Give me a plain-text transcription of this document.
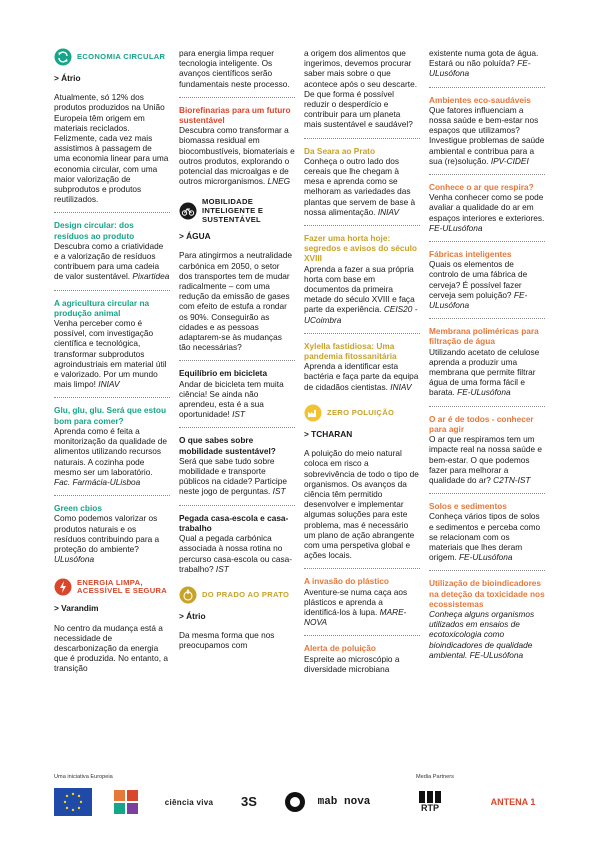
ECONOMIA CIRCULAR

> Átrio

Atualmente, só 12% dos produtos produzidos na União Europeia têm origem em materiais reciclados. Felizmente, cada vez mais assistimos à passagem de uma economia linear para uma economia circular, com uma maior valorização de subprodutos e produtos reutilizados.

Design circular: dos resíduos ao produto

Descubra como a criatividade e a valorização de resíduos contribuem para uma cadeia de valor sustentável. Pixartidea

A agricultura circular na produção animal

Venha perceber como é possível, com investigação científica e tecnológica, transformar subprodutos agroindustriais em material útil e valorizado. Por um mundo mais limpo! INIAV

Glu, glu, glu. Será que estou bom para comer?

Aprenda como é feita a monitorização da qualidade de alimentos utilizando recursos naturais. A cozinha pode mesmo ser um laboratório. Fac. Farmácia-ULisboa

Green cbios

Como podemos valorizar os produtos naturais e os resíduos contribuindo para a proteção do ambiente? ULusófona

ENERGIA LIMPA, ACESSÍVEL E SEGURA

> Varandim

No centro da mudança está a necessidade de descarbonização da energia que é produzida. No entanto, a transição

para energia limpa requer tecnologia inteligente. Os avanços científicos serão fundamentais neste processo.

Biorefinarias para um futuro sustentável

Descubra como transformar a biomassa residual em biocombustíveis, biomateriais e outros produtos, explorando o potencial das microalgas e de outros microrganismos. LNEG

MOBILIDADE INTELIGENTE E SUSTENTÁVEL

> ÁGUA

Para atingirmos a neutralidade carbónica em 2050, o setor dos transportes tem de mudar radicalmente – com uma redução da emissão de gases com efeito de estufa a rondar os 90%. Conseguirão as cidades e as pessoas adaptarem-se às mudanças tão necessárias?

Equilíbrio em bicicleta

Andar de bicicleta tem muita ciência! Se ainda não aprendeu, esta é a sua oportunidade! IST

O que sabes sobre mobilidade sustentável?

Será que sabe tudo sobre mobilidade e transporte públicos na cidade? Participe neste jogo de perguntas. IST

Pegada casa-escola e casa-trabalho

Qual a pegada carbónica associada à nossa rotina no percurso casa-escola ou casa-trabalho? IST

DO PRADO AO PRATO

> Átrio

Da mesma forma que nos preocupamos com

a origem dos alimentos que ingerimos, devemos procurar saber mais sobre o que acontece após o seu descarte. De que forma é possível reduzir o desperdício e contribuir para um planeta mais sustentável e saudável?

Da Seara ao Prato

Conheça o outro lado dos cereais que lhe chegam à mesa e aprenda como se melhoram as variedades das plantas que servem de base à nossa alimentação. INIAV

Fazer uma horta hoje: segredos e avisos do século XVIII

Aprenda a fazer a sua própria horta com base em documentos da primeira metade do século XVIII e faça parte da experiência. CEIS20 -UCoimbra

Xylella fastidiosa: Uma pandemia fitossanitária

Aprenda a identificar esta bactéria e faça parte da equipa de cidadãos cientistas. INIAV

ZERO POLUIÇÃO

> TCHARAN

A poluição do meio natural coloca em risco a sobrevivência de todo o tipo de organismos. Os avanços da ciência têm permitido desenvolver e implementar algumas soluções para este problema, mas é necessário um plano de ação abrangente com uma perspetiva global e ações locais.

A invasão do plástico

Aventure-se numa caça aos plásticos e aprenda a identificá-los à lupa. MARE-NOVA

Alerta de poluição

Espreite ao microscópio a diversidade microbiana

existente numa gota de água. Estará ou não poluída? FE-ULusófona

Ambientes eco-saudáveis

Que fatores influenciam a nossa saúde e bem-estar nos espaços que utilizamos? Investigue problemas de saúde ambiental e contribua para a sua (re)solução. IPV-CIDEI

Conhece o ar que respira?

Venha conhecer como se pode avaliar a qualidade do ar em espaços interiores e exteriores. FE-ULusófona

Fábricas inteligentes

Quais os elementos de controlo de uma fábrica de cerveja? É possível fazer cerveja sem poluição? FE-ULusófona

Membrana poliméricas para filtração de água

Utilizando acetato de celulose aprenda a produzir uma membrana que permite filtrar água de uma forma fácil e barata. FE-ULusófona

O ar é de todos - conhecer para agir

O ar que respiramos tem um impacte real na nossa saúde e bem-estar. O que podemos fazer para melhorar a qualidade do ar? C2TN-IST

Solos e sedimentos

Conheça vários tipos de solos e sedimentos e perceba como se relacionam com os materiais que lhes deram origem. FE-ULusófona

Utilização de bioindicadores na deteção da toxicidade nos ecossistemas

Conheça alguns organismos utilizados em ensaios de ecotoxicologia como bioindicadores de qualidade ambiental. FE-ULusófona

Uma iniciativa Europeia	Media Partners
ciência viva	3S	mab nova	RTP
ANTENA 1
